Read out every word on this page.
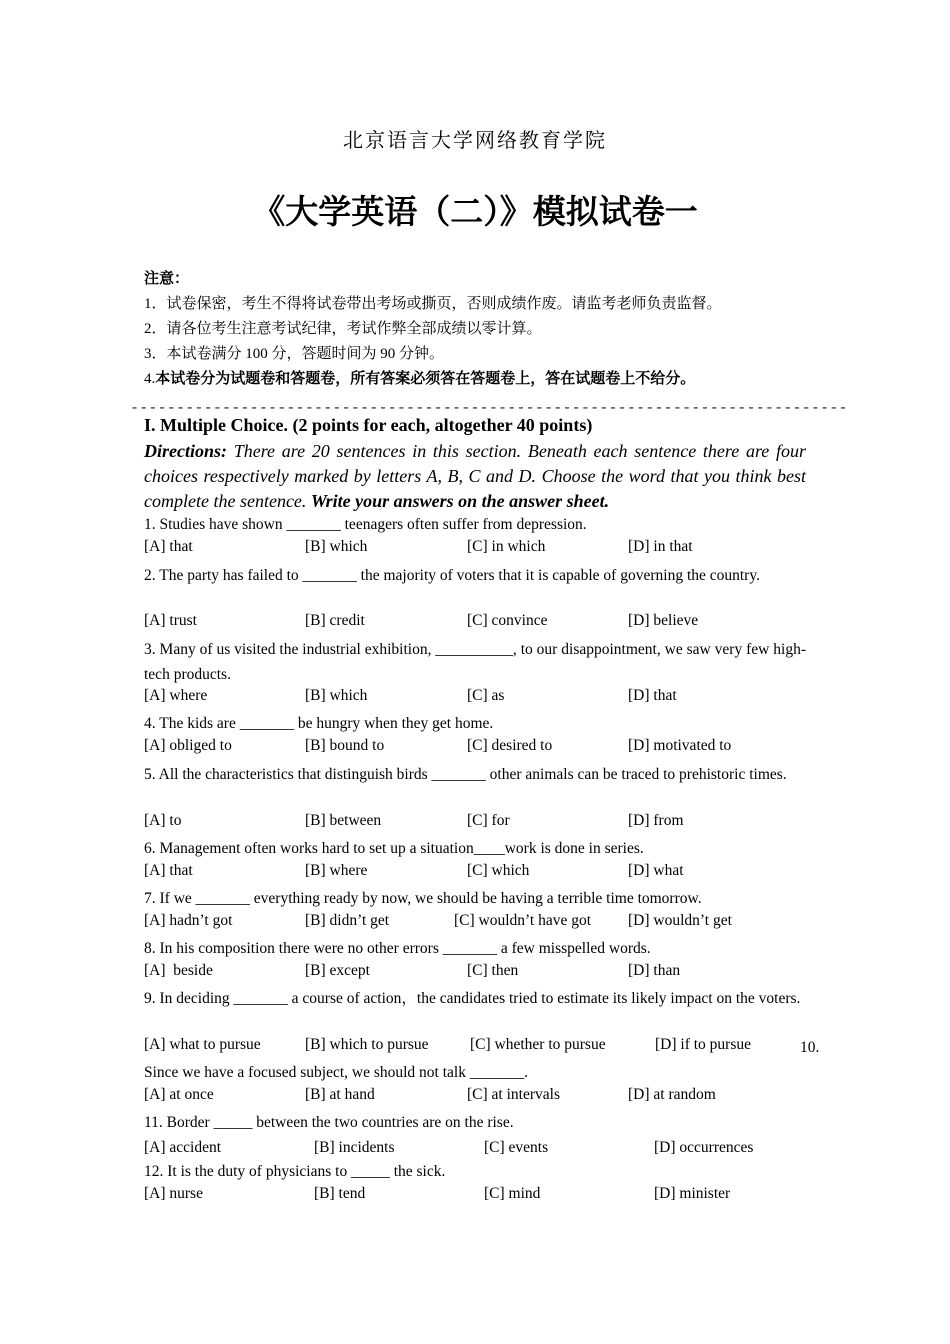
北京语言大学网络教育学院
《大学英语（二）》模拟试卷一
注意：
1．试卷保密，考生不得将试卷带出考场或撕页，否则成绩作废。请监考老师负责监督。
2．请各位考生注意考试纪律，考试作弊全部成绩以零计算。
3．本试卷满分 100 分，答题时间为 90 分钟。
4.本试卷分为试题卷和答题卷，所有答案必须答在答题卷上，答在试题卷上不给分。
------------------------------------------------------------------------------
I. Multiple Choice. (2 points for each, altogether 40 points)
Directions: There are 20 sentences in this section. Beneath each sentence there are four choices respectively marked by letters A, B, C and D. Choose the word that you think best complete the sentence. Write your answers on the answer sheet.
1. Studies have shown _______ teenagers often suffer from depression.
[A] that	[B] which	[C] in which	[D] in that
2. The party has failed to _______ the majority of voters that it is capable of governing the country.
[A] trust	[B] credit	[C] convince	[D] believe
3. Many of us visited the industrial exhibition, __________, to our disappointment, we saw very few high-tech products.
[A] where	[B] which	[C] as	[D] that
4. The kids are _______ be hungry when they get home.
[A] obliged to	[B] bound to	[C] desired to	[D] motivated to
5. All the characteristics that distinguish birds _______ other animals can be traced to prehistoric times.
[A] to	[B] between	[C] for	[D] from
6. Management often works hard to set up a situation____work is done in series.
[A] that	[B] where	[C] which	[D] what
7. If we _______ everything ready by now, we should be having a terrible time tomorrow.
[A] hadn’t got	[B] didn’t get	[C] wouldn’t have got [D] wouldn’t get
8. In his composition there were no other errors _______ a few misspelled words.
[A]  beside	[B] except	[C] then	[D] than
9. In deciding _______ a course of action，the candidates tried to estimate its likely impact on the voters.
[A] what to pursue	[B] which to pursue	[C] whether to pursue	[D] if to pursue	10.
Since we have a focused subject, we should not talk _______.
[A] at once	[B] at hand	[C] at intervals	[D] at random
11. Border _____ between the two countries are on the rise.
[A] accident	[B] incidents	[C] events	[D] occurrences
12. It is the duty of physicians to _____ the sick.
[A] nurse	[B] tend	[C] mind	[D] minister
